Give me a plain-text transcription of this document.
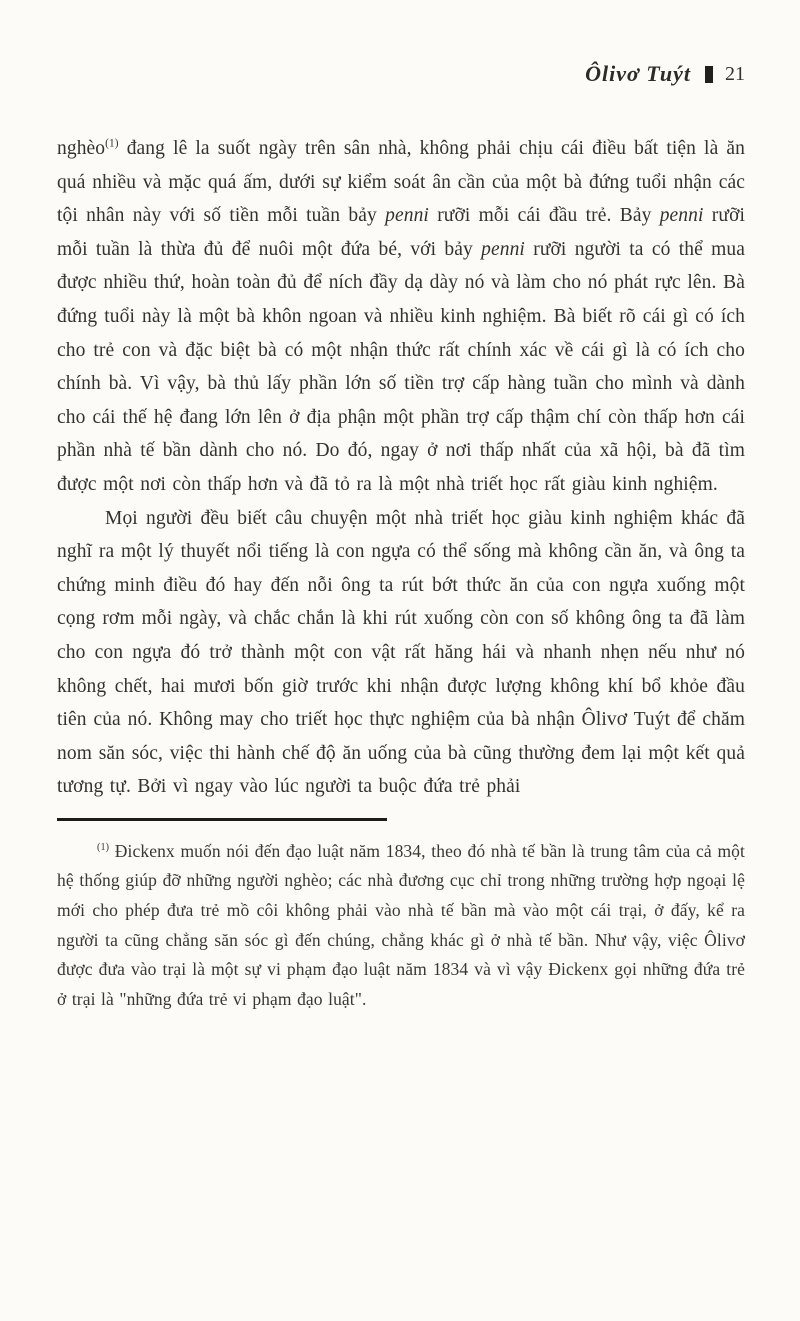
Ôlivơ Tuýt 21

nghèo$^{(1)}$ đang lê la suốt ngày trên sân nhà, không phải chịu cái điều bất tiện là ăn quá nhiều và mặc quá ấm, dưới sự kiểm soát ân cần của một bà đứng tuổi nhận các tội nhân này với số tiền mỗi tuần bảy penni rưỡi mỗi cái đầu trẻ. Bảy penni rưỡi mỗi tuần là thừa đủ để nuôi một đứa bé, với bảy penni rưỡi người ta có thể mua được nhiều thứ, hoàn toàn đủ để ních đầy dạ dày nó và làm cho nó phát rực lên. Bà đứng tuổi này là một bà khôn ngoan và nhiều kinh nghiệm. Bà biết rõ cái gì có ích cho trẻ con và đặc biệt bà có một nhận thức rất chính xác về cái gì là có ích cho chính bà. Vì vậy, bà thủ lấy phần lớn số tiền trợ cấp hàng tuần cho mình và dành cho cái thế hệ đang lớn lên ở địa phận một phần trợ cấp thậm chí còn thấp hơn cái phần nhà tế bần dành cho nó. Do đó, ngay ở nơi thấp nhất của xã hội, bà đã tìm được một nơi còn thấp hơn và đã tỏ ra là một nhà triết học rất giàu kinh nghiệm.

Mọi người đều biết câu chuyện một nhà triết học giàu kinh nghiệm khác đã nghĩ ra một lý thuyết nổi tiếng là con ngựa có thể sống mà không cần ăn, và ông ta chứng minh điều đó hay đến nỗi ông ta rút bớt thức ăn của con ngựa xuống một cọng rơm mỗi ngày, và chắc chắn là khi rút xuống còn con số không ông ta đã làm cho con ngựa đó trở thành một con vật rất hăng hái và nhanh nhẹn nếu như nó không chết, hai mươi bốn giờ trước khi nhận được lượng không khí bổ khỏe đầu tiên của nó. Không may cho triết học thực nghiệm của bà nhận Ôlivơ Tuýt để chăm nom săn sóc, việc thi hành chế độ ăn uống của bà cũng thường đem lại một kết quả tương tự. Bởi vì ngay vào lúc người ta buộc đứa trẻ phải

$^{(1)}$ Đickenx muốn nói đến đạo luật năm 1834, theo đó nhà tế bần là trung tâm của cả một hệ thống giúp đỡ những người nghèo; các nhà đương cục chỉ trong những trường hợp ngoại lệ mới cho phép đưa trẻ mồ côi không phải vào nhà tế bần mà vào một cái trại, ở đấy, kể ra người ta cũng chẳng săn sóc gì đến chúng, chẳng khác gì ở nhà tế bần. Như vậy, việc Ôlivơ được đưa vào trại là một sự vi phạm đạo luật năm 1834 và vì vậy Đickenx gọi những đứa trẻ ở trại là "những đứa trẻ vi phạm đạo luật".
